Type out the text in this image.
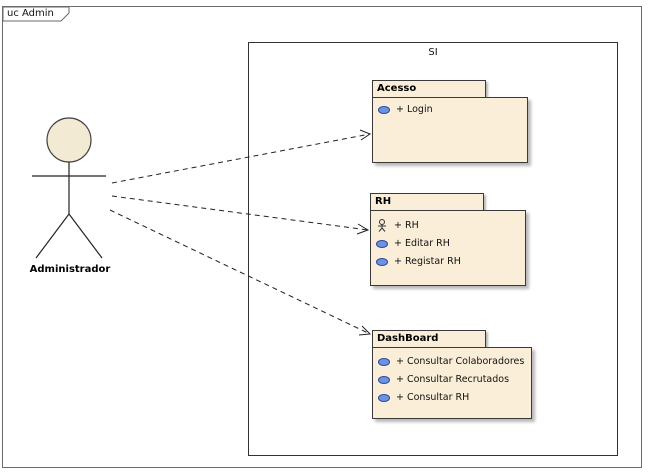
uc Admin
SI
Acesso
+ Login
RH
+ RH
+ Editar RH
+ Registar RH
DashBoard
+ Consultar Colaboradores
+ Consultar Recrutados
+ Consultar RH
Administrador
